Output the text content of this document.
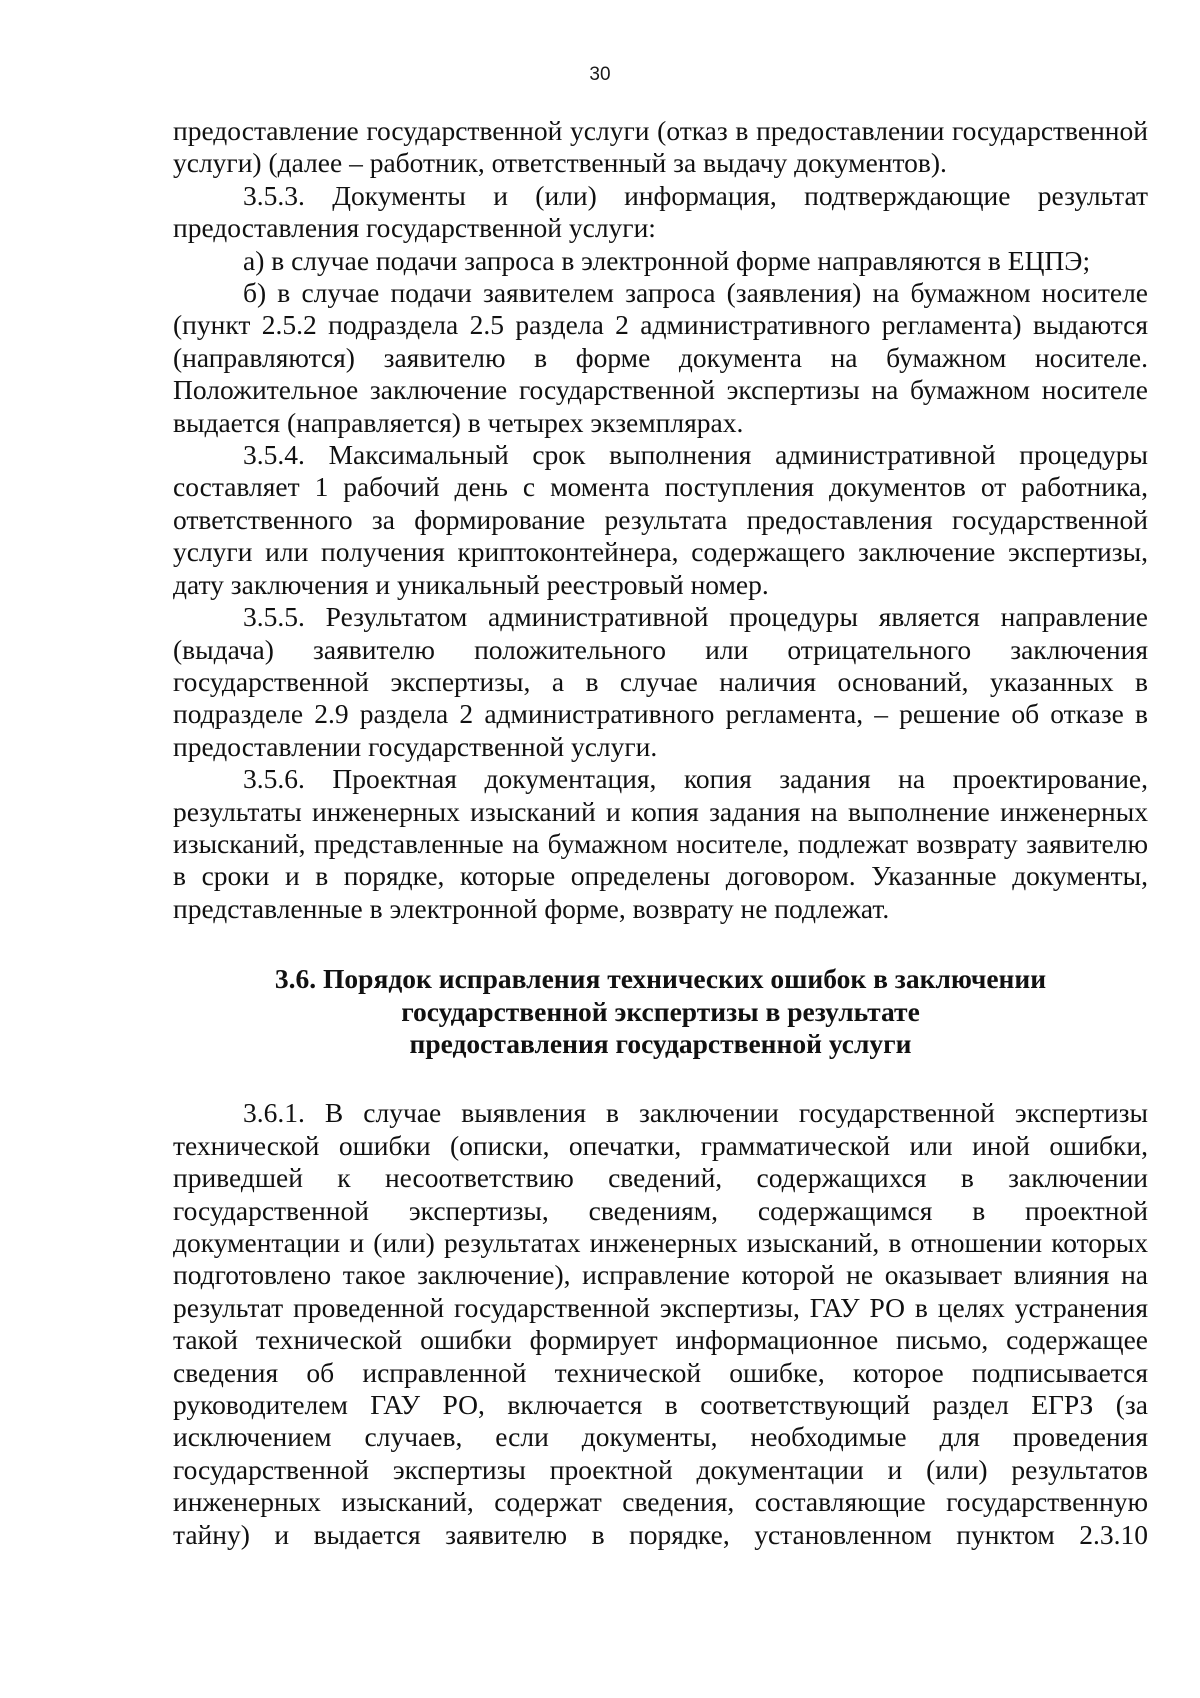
30

предоставление государственной услуги (отказ в предоставлении государственной услуги) (далее – работник, ответственный за выдачу документов).

3.5.3. Документы и (или) информация, подтверждающие результат предоставления государственной услуги:

а) в случае подачи запроса в электронной форме направляются в ЕЦПЭ;

б) в случае подачи заявителем запроса (заявления) на бумажном носителе (пункт 2.5.2 подраздела 2.5 раздела 2 административного регламента) выдаются (направляются) заявителю в форме документа на бумажном носителе. Положительное заключение государственной экспертизы на бумажном носителе выдается (направляется) в четырех экземплярах.

3.5.4. Максимальный срок выполнения административной процедуры составляет 1 рабочий день с момента поступления документов от работника, ответственного за формирование результата предоставления государственной услуги или получения криптоконтейнера, содержащего заключение экспертизы, дату заключения и уникальный реестровый номер.

3.5.5. Результатом административной процедуры является направление (выдача) заявителю положительного или отрицательного заключения государственной экспертизы, а в случае наличия оснований, указанных в подразделе 2.9 раздела 2 административного регламента, – решение об отказе в предоставлении государственной услуги.

3.5.6. Проектная документация, копия задания на проектирование, результаты инженерных изысканий и копия задания на выполнение инженерных изысканий, представленные на бумажном носителе, подлежат возврату заявителю в сроки и в порядке, которые определены договором. Указанные документы, представленные в электронной форме, возврату не подлежат.

3.6. Порядок исправления технических ошибок в заключении
государственной экспертизы в результате
предоставления государственной услуги

3.6.1. В случае выявления в заключении государственной экспертизы технической ошибки (описки, опечатки, грамматической или иной ошибки, приведшей к несоответствию сведений, содержащихся в заключении государственной экспертизы, сведениям, содержащимся в проектной документации и (или) результатах инженерных изысканий, в отношении которых подготовлено такое заключение), исправление которой не оказывает влияния на результат проведенной государственной экспертизы, ГАУ РО в целях устранения такой технической ошибки формирует информационное письмо, содержащее сведения об исправленной технической ошибке, которое подписывается руководителем ГАУ РО, включается в соответствующий раздел ЕГРЗ (за исключением случаев, если документы, необходимые для проведения государственной экспертизы проектной документации и (или) результатов инженерных изысканий, содержат сведения, составляющие государственную тайну) и выдается заявителю в порядке, установленном пунктом 2.3.10
